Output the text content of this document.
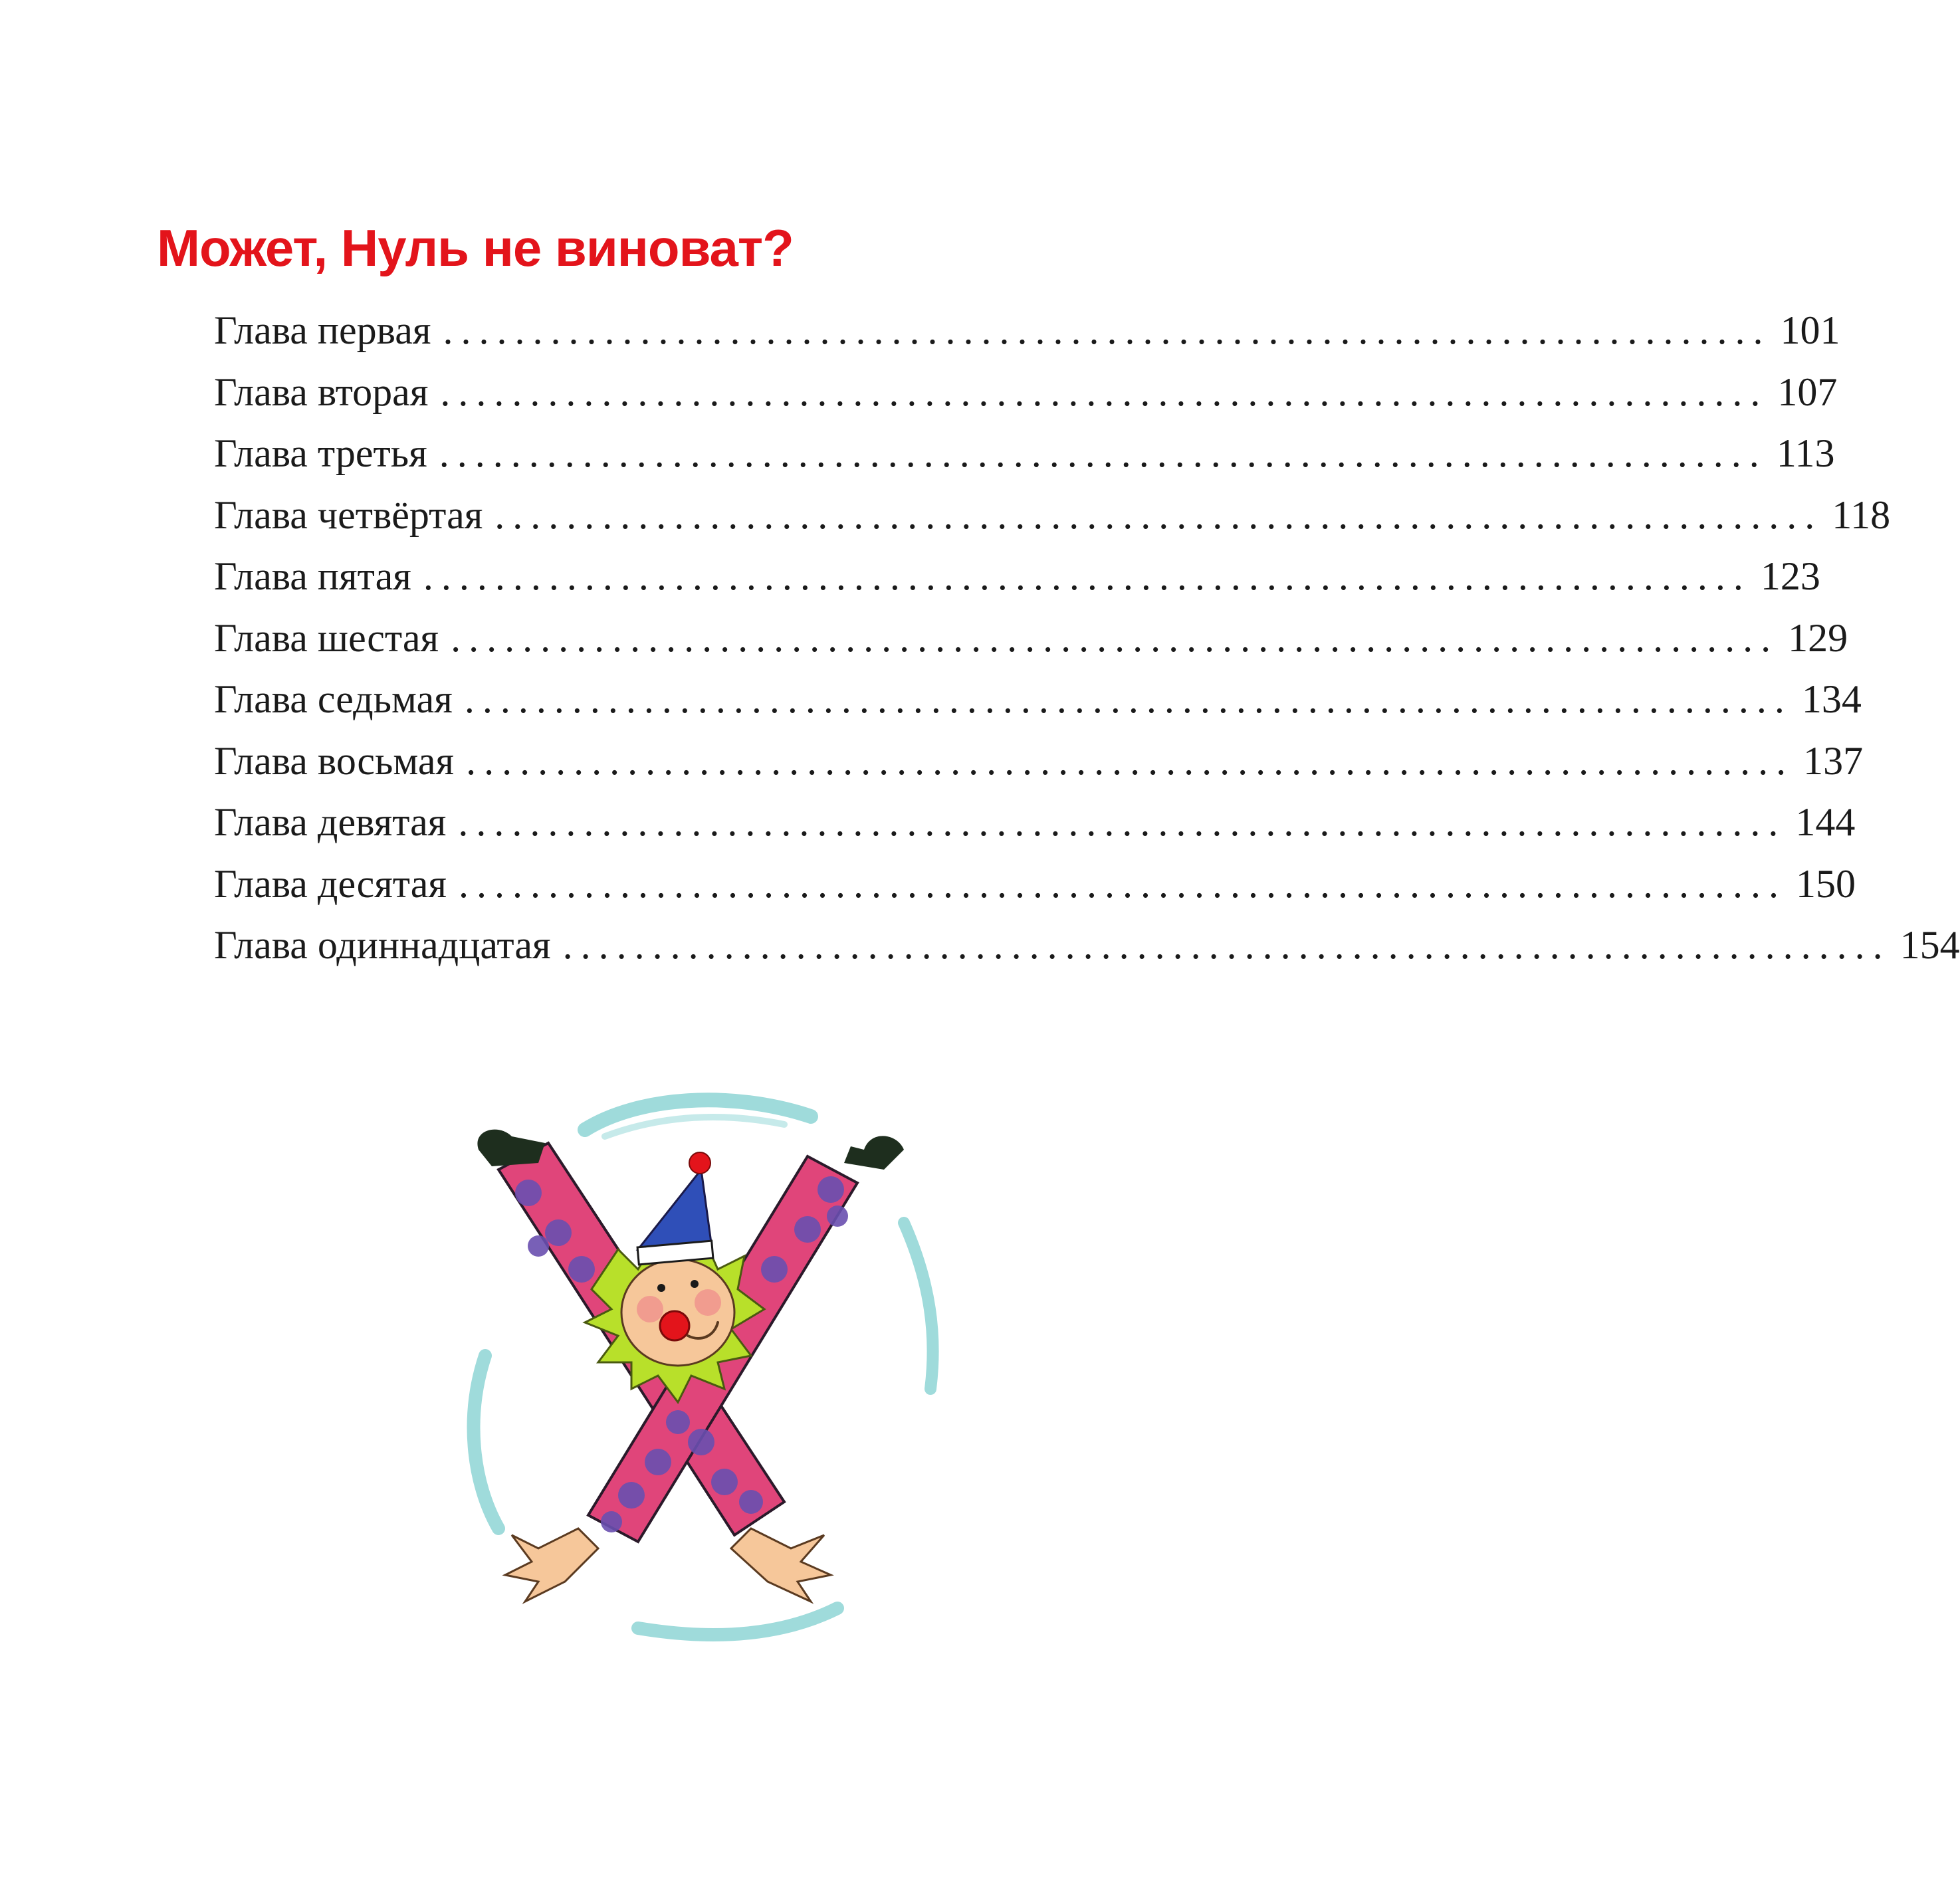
Может, Нуль не виноват?
Глава первая .......................................................................... 101
Глава вторая .......................................................................... 107
Глава третья .......................................................................... 113
Глава четвёртая .......................................................................... 118
Глава пятая .......................................................................... 123
Глава шестая .......................................................................... 129
Глава седьмая .......................................................................... 134
Глава восьмая .......................................................................... 137
Глава девятая .......................................................................... 144
Глава десятая .......................................................................... 150
Глава одиннадцатая .......................................................................... 154
